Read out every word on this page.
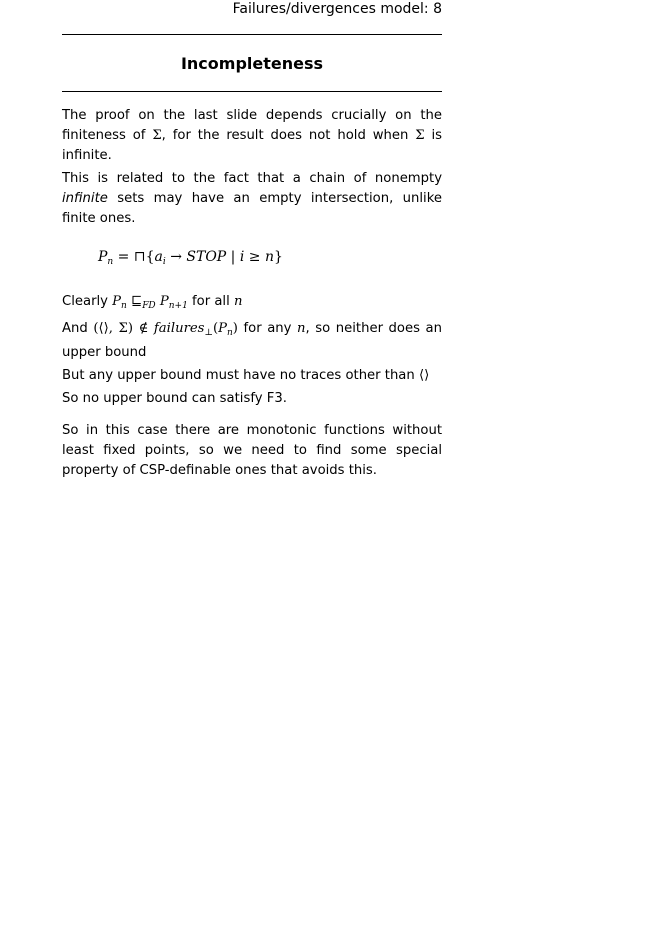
Failures/divergences model: 8
Incompleteness

The proof on the last slide depends crucially on the finiteness of Σ, for the result does not hold when Σ is infinite.

This is related to the fact that a chain of nonempty infinite sets may have an empty intersection, unlike finite ones.

$P_n$ = $⊓\{a_i$ → STOP | i ≥ n}

Clearly $P_n$ $⊑_{FD}$ $P_{n+1}$ for all n

And (⟨⟩, Σ) ∉ $failures_\perp(P_n)$ for any n, so neither does an upper bound

But any upper bound must have no traces other than ⟨⟩

So no upper bound can satisfy F3.

So in this case there are monotonic functions without least fixed points, so we need to find some special property of CSP-definable ones that avoids this.
